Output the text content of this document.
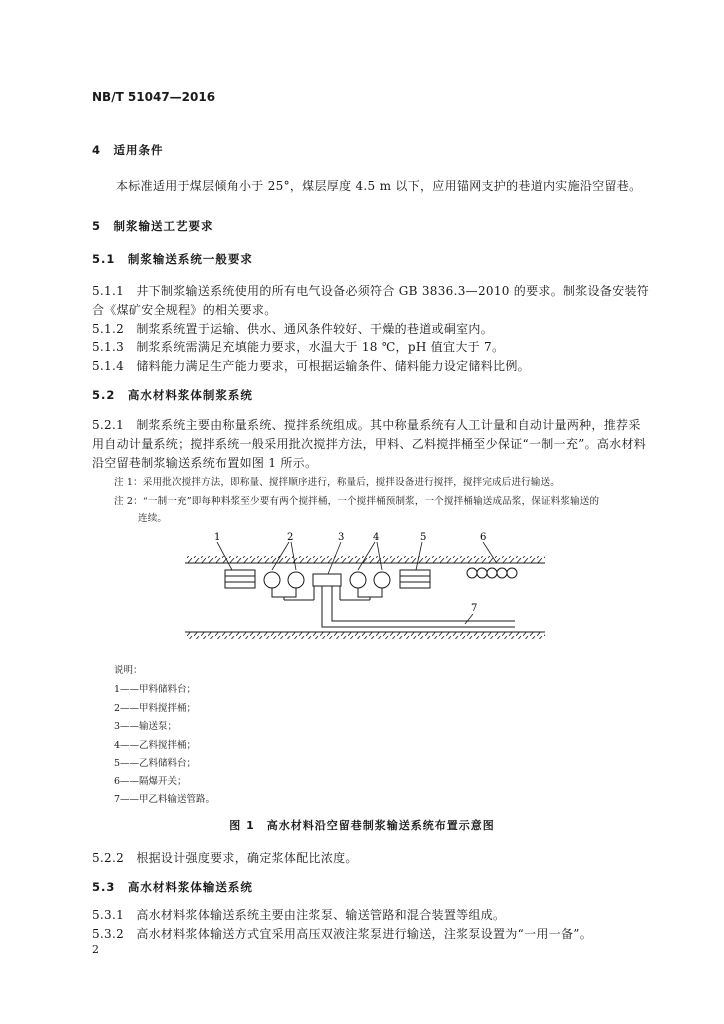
NB/T 51047—2016
4　 适用条件
本标准适用于煤层倾角小于 25°，煤层厚度 4.5 m 以下，应用锚网支护的巷道内实施沿空留巷。
5　 制浆输送工艺要求
5.1　 制浆输送系统一般要求
5.1.1　井下制浆输送系统使用的所有电气设备必须符合 GB 3836.3—2010 的要求。制浆设备安装符
合《煤矿安全规程》的相关要求。
5.1.2　制浆系统置于运输、供水、通风条件较好、干燥的巷道或硐室内。
5.1.3　制浆系统需满足充填能力要求，水温大于 18 ℃，pH 值宜大于 7。
5.1.4　储料能力满足生产能力要求，可根据运输条件、储料能力设定储料比例。
5.2　 高水材料浆体制浆系统
5.2.1　制浆系统主要由称量系统、搅拌系统组成。其中称量系统有人工计量和自动计量两种，推荐采
用自动计量系统；搅拌系统一般采用批次搅拌方法，甲料、乙料搅拌桶至少保证“一制一充”。高水材料
沿空留巷制浆输送系统布置如图 1 所示。
注 1：采用批次搅拌方法，即称量、搅拌顺序进行，称量后，搅拌设备进行搅拌，搅拌完成后进行输送。
注 2：“一制一充”即每种料浆至少要有两个搅拌桶，一个搅拌桶预制浆，一个搅拌桶输送成品浆，保证料浆输送的
连续。
1	2	3	4	5	6
7
说明：
1——甲料储料台；
2——甲料搅拌桶；
3——输送泵；
4——乙料搅拌桶；
5——乙料储料台；
6——隔爆开关；
7——甲乙料输送管路。
图 1　高水材料沿空留巷制浆输送系统布置示意图
5.2.2　根据设计强度要求，确定浆体配比浓度。
5.3　 高水材料浆体输送系统
5.3.1　高水材料浆体输送系统主要由注浆泵、输送管路和混合装置等组成。
5.3.2　高水材料浆体输送方式宜采用高压双液注浆泵进行输送，注浆泵设置为“一用一备”。
2
